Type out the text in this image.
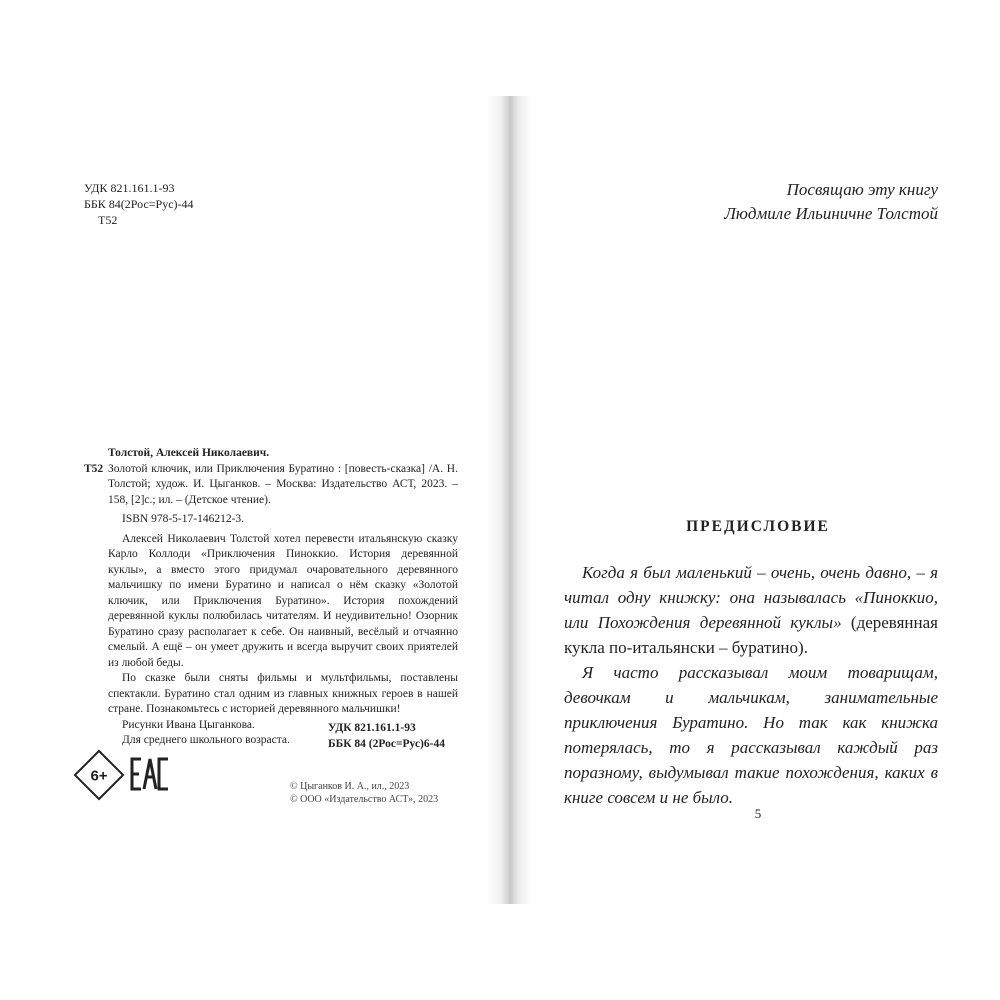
УДК 821.161.1-93
ББК 84(2Рос=Рус)-44
Т52
Толстой, Алексей Николаевич.
Т52 Золотой ключик, или Приключения Буратино : [повесть-сказка] /А. Н. Толстой; худож. И. Цыганков. – Москва: Издательство АСТ, 2023. – 158, [2]с.; ил. – (Детское чтение).

ISBN 978-5-17-146212-3.

Алексей Николаевич Толстой хотел перевести итальянскую сказку Карло Коллоди «Приключения Пиноккио. История деревянной куклы», а вместо этого придумал очаровательного деревянного мальчишку по имени Буратино и написал о нём сказку «Золотой ключик, или Приключения Буратино». История похождений деревянной куклы полюбилась читателям. И неудивительно! Озорник Буратино сразу располагает к себе. Он наивный, весёлый и отчаянно смелый. А ещё – он умеет дружить и всегда выручит своих приятелей из любой беды.

По сказке были сняты фильмы и мультфильмы, поставлены спектакли. Буратино стал одним из главных книжных героев в нашей стране. Познакомьтесь с историей деревянного мальчишки!

Рисунки Ивана Цыганкова.

Для среднего школьного возраста.

УДК 821.161.1-93
ББК 84 (2Рос=Рус)6-44
6+
© Цыганков И. А., ил., 2023
© ООО «Издательство АСТ», 2023
Посвящаю эту книгу
Людмиле Ильиничне Толстой
ПРЕДИСЛОВИЕ

Когда я был маленький – очень, очень давно, – я читал одну книжку: она называлась «Пиноккио, или Похождения деревянной куклы» (деревянная кукла по-итальянски – буратино).

Я часто рассказывал моим товарищам, девочкам и мальчикам, занимательные приключения Буратино. Но так как книжка потерялась, то я рассказывал каждый раз поразному, выдумывал такие похождения, каких в книге совсем и не было.

5
